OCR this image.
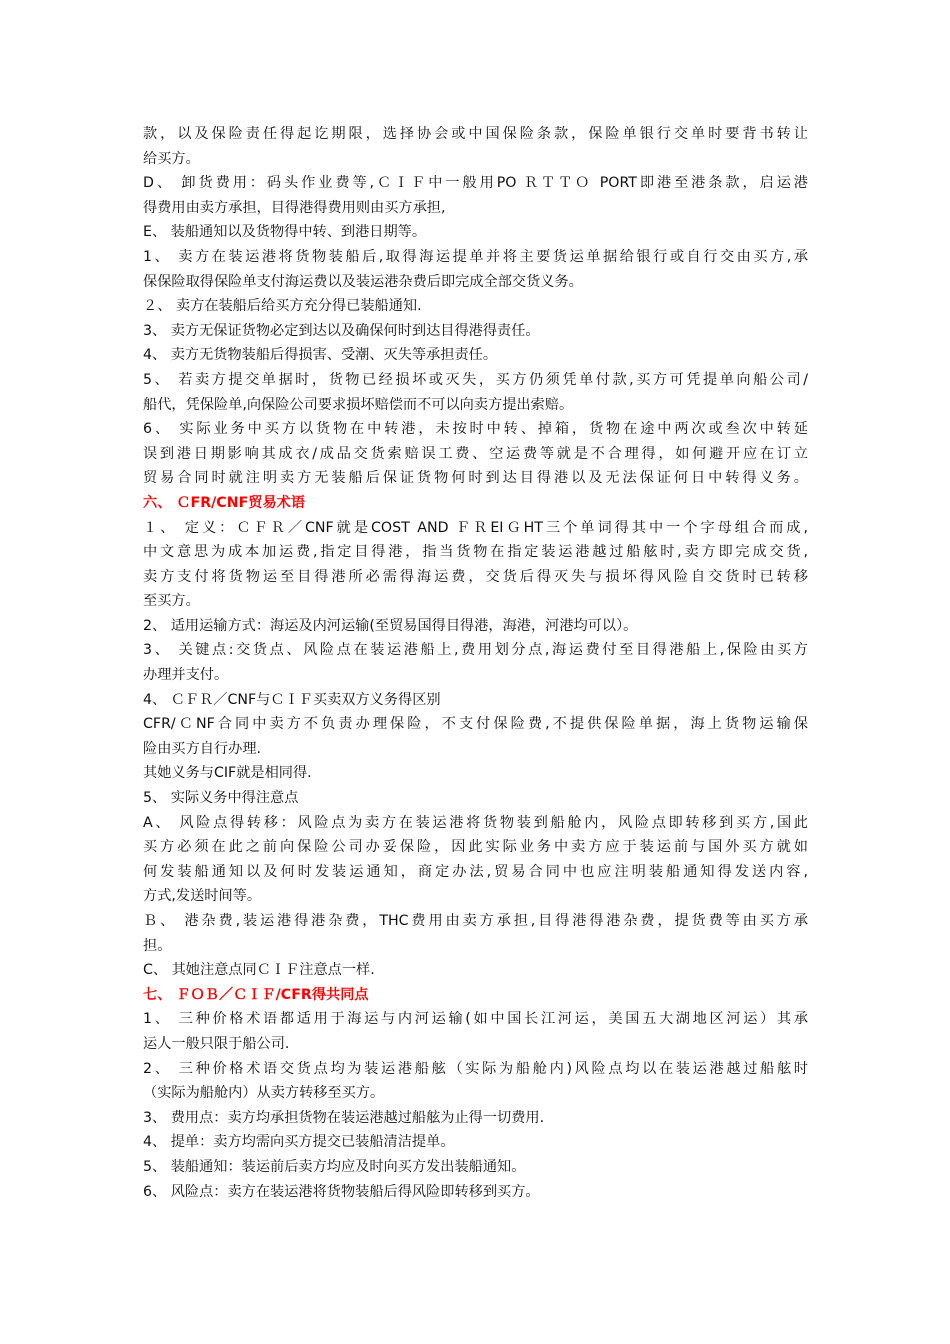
款，以及保险责任得起讫期限，选择协会或中国保险条款，保险单银行交单时要背书转让
给买方。
D、 卸货费用：码头作业费等,ＣＩＦ中一般用PO ＲＴＴＯ PORT即港至港条款，启运港
得费用由卖方承担，目得港得费用则由买方承担,
E、 装船通知以及货物得中转、到港日期等。
1、 卖方在装运港将货物装船后,取得海运提单并将主要货运单据给银行或自行交由买方,承
保保险取得保险单支付海运费以及装运港杂费后即完成全部交货义务。
２、 卖方在装船后给买方充分得已装船通知.
3、 卖方无保证货物必定到达以及确保何时到达目得港得责任。
4、 卖方无货物装船后得损害、受潮、灭失等承担责任。
5、 若卖方提交单据时，货物已经损坏或灭失，买方仍须凭单付款,买方可凭提单向船公司/
船代，凭保险单,向保险公司要求损坏赔偿而不可以向卖方提出索赔。
6、 实际业务中买方以货物在中转港，未按时中转、掉箱，货物在途中两次或叁次中转延
误到港日期影响其成衣/成品交货索赔误工费、空运费等就是不合理得，如何避开应在订立
贸易合同时就注明卖方无装船后保证货物何时到达目得港以及无法保证何日中转得义务。
六、 ＣFR/CNF贸易术语
１、 定义：ＣＦＲ／CNF就是COST AND ＦＲEIＧHT三个单词得其中一个字母组合而成,
中文意思为成本加运费,指定目得港，指当货物在指定装运港越过船舷时,卖方即完成交货,
卖方支付将货物运至目得港所必需得海运费，交货后得灭失与损坏得风险自交货时已转移
至买方。
2、 适用运输方式：海运及内河运输(至贸易国得目得港，海港，河港均可以）。
3、 关键点:交货点、风险点在装运港船上,费用划分点,海运费付至目得港船上,保险由买方
办理并支付。
4、 ＣＦＲ／CNF与ＣＩＦ买卖双方义务得区别
CFR/ＣNF合同中卖方不负责办理保险，不支付保险费,不提供保险单据，海上货物运输保
险由买方自行办理.
其她义务与CIF就是相同得.
5、 实际义务中得注意点
A、 风险点得转移：风险点为卖方在装运港将货物装到船舱内，风险点即转移到买方,国此
买方必须在此之前向保险公司办妥保险，因此实际业务中卖方应于装运前与国外买方就如
何发装船通知以及何时发装运通知，商定办法,贸易合同中也应注明装船通知得发送内容,
方式,发送时间等。
Ｂ、 港杂费,装运港得港杂费，THC费用由卖方承担,目得港得港杂费，提货费等由买方承
担。
C、 其她注意点同ＣＩＦ注意点一样.
七、 ＦＯＢ／ＣＩＦ/CFR得共同点
1、 三种价格术语都适用于海运与内河运输(如中国长江河运，美国五大湖地区河运）其承
运人一般只限于船公司.
2、 三种价格术语交货点均为装运港船舷（实际为船舱内)风险点均以在装运港越过船舷时
（实际为船舱内）从卖方转移至买方。
3、 费用点：卖方均承担货物在装运港越过船舷为止得一切费用.
4、 提单：卖方均需向买方提交已装船清洁提单。
5、 装船通知：装运前后卖方均应及时向买方发出装船通知。
6、 风险点：卖方在装运港将货物装船后得风险即转移到买方。
